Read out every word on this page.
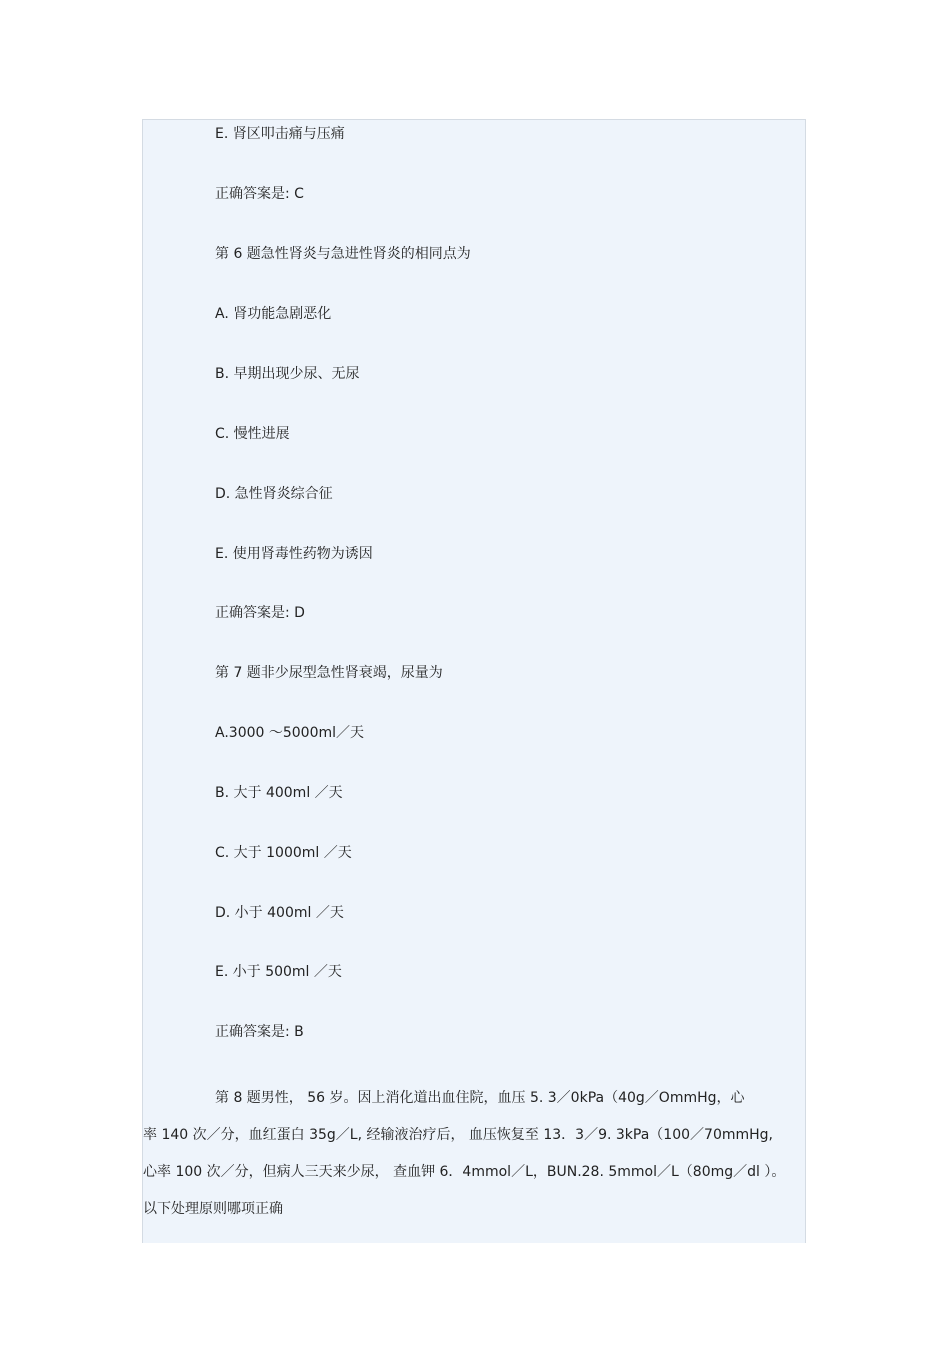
E. 肾区叩击痛与压痛
正确答案是: C
第 6 题急性肾炎与急进性肾炎的相同点为
A. 肾功能急剧恶化
B. 早期出现少尿、无尿
C. 慢性进展
D. 急性肾炎综合征
E. 使用肾毒性药物为诱因
正确答案是: D
第 7 题非少尿型急性肾衰竭，尿量为
A.3000 ～5000ml／天
B. 大于 400ml ／天
C. 大于 1000ml ／天
D. 小于 400ml ／天
E. 小于 500ml ／天
正确答案是: B

第 8 题男性， 56 岁。因上消化道出血住院，血压 5. 3／0kPa（40g／OmmHg，心

率 140 次／分，血红蛋白 35g／L, 经输液治疗后， 血压恢复至 13．3／9. 3kPa（100／70mmHg,

心率 100 次／分，但病人三天来少尿， 查血钾 6．4mmol／L，BUN.28. 5mmol／L（80mg／dl ）。

以下处理原则哪项正确
